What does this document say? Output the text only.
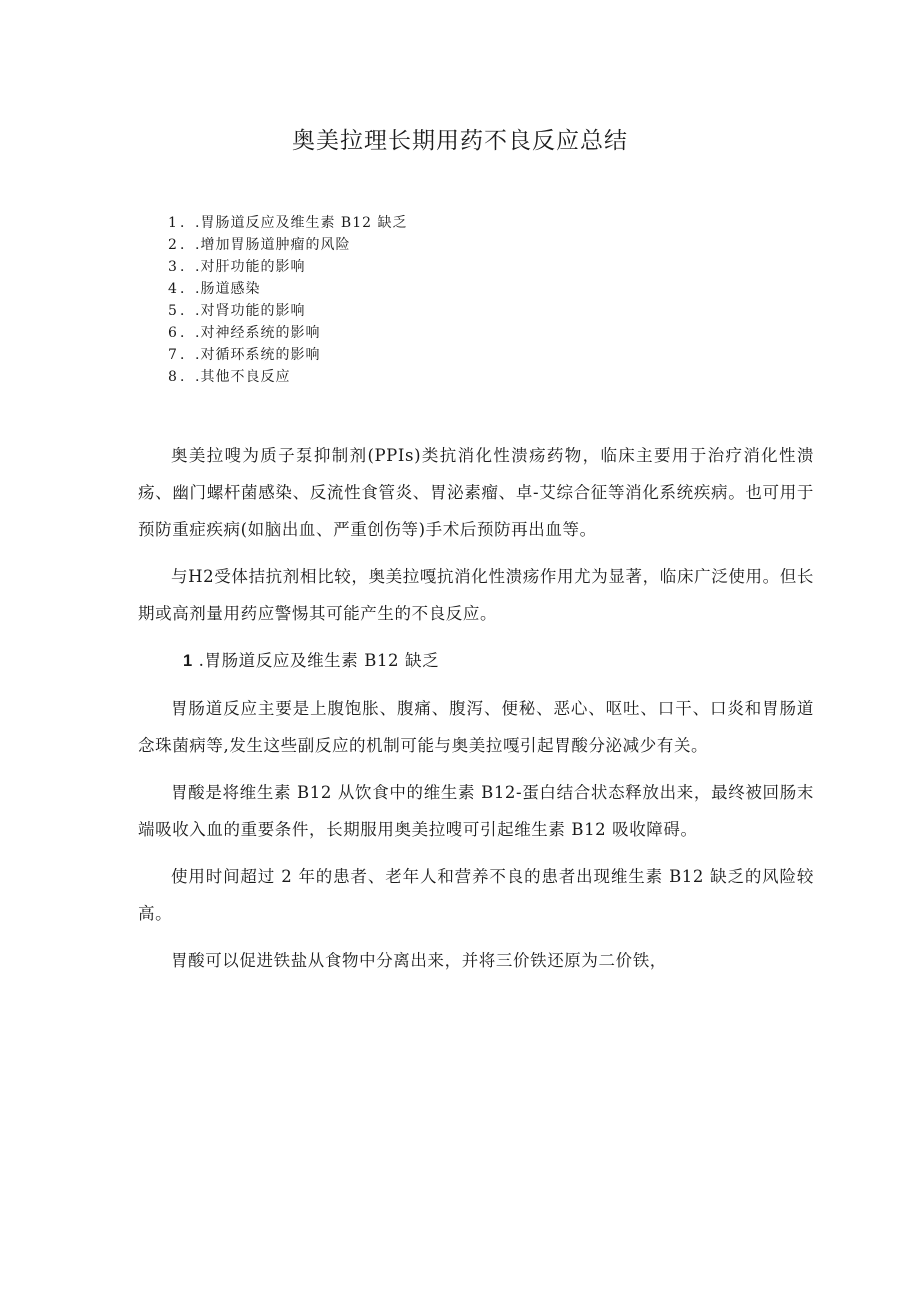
奥美拉理长期用药不良反应总结
1 ．.胃肠道反应及维生素 B12 缺乏
2 ．.增加胃肠道肿瘤的风险
3 ．.对肝功能的影响
4 ．.肠道感染
5 ．.对肾功能的影响
6 ．.对神经系统的影响
7 ．.对循环系统的影响
8 ．.其他不良反应

奥美拉嗖为质子泵抑制剂(PPIs)类抗消化性溃疡药物，临床主要用于治疗消化性溃疡、幽门螺杆菌感染、反流性食管炎、胃泌素瘤、卓-艾综合征等消化系统疾病。也可用于预防重症疾病(如脑出血、严重创伤等)手术后预防再出血等。

与H2受体拮抗剂相比较，奥美拉嘎抗消化性溃疡作用尤为显著，临床广泛使用。但长期或高剂量用药应警惕其可能产生的不良反应。

1 .胃肠道反应及维生素 B12 缺乏

胃肠道反应主要是上腹饱胀、腹痛、腹泻、便秘、恶心、呕吐、口干、口炎和胃肠道念珠菌病等,发生这些副反应的机制可能与奥美拉嘎引起胃酸分泌减少有关。

胃酸是将维生素 B12 从饮食中的维生素 B12-蛋白结合状态释放出来，最终被回肠末端吸收入血的重要条件，长期服用奥美拉嗖可引起维生素 B12 吸收障碍。

使用时间超过 2 年的患者、老年人和营养不良的患者出现维生素 B12 缺乏的风险较高。

胃酸可以促进铁盐从食物中分离出来，并将三价铁还原为二价铁，
